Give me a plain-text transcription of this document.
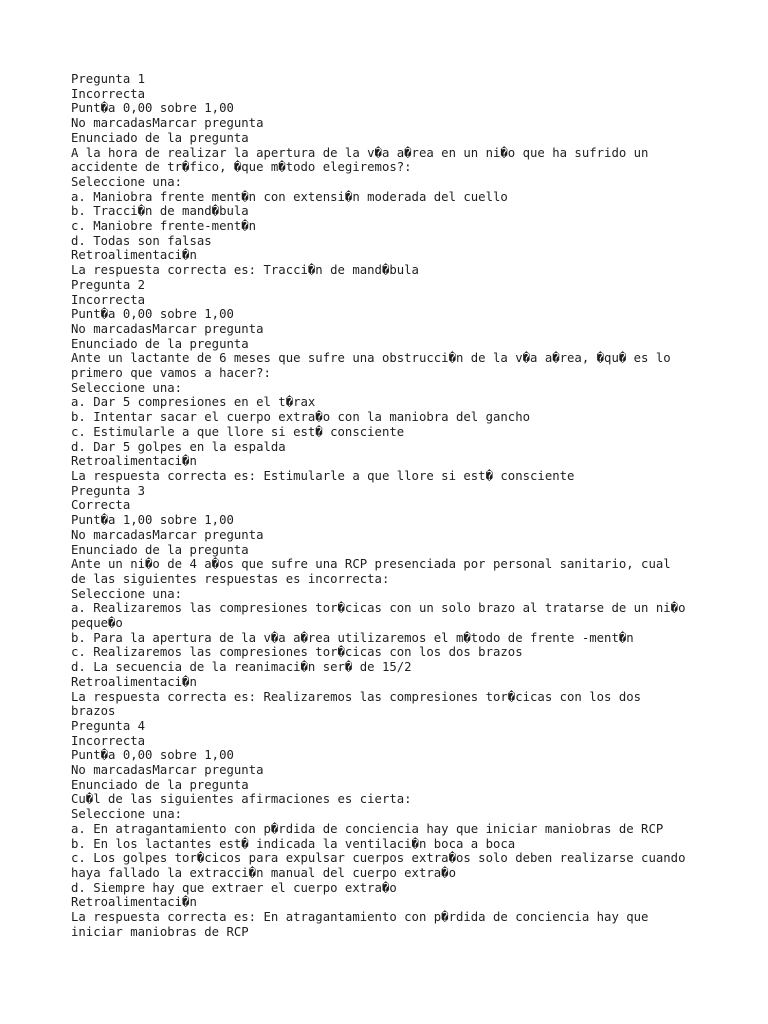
Pregunta 1
Incorrecta
Punt�a 0,00 sobre 1,00
No marcadasMarcar pregunta
Enunciado de la pregunta
A la hora de realizar la apertura de la v�a a�rea en un ni�o que ha sufrido un
accidente de tr�fico, �que m�todo elegiremos?:
Seleccione una:
a. Maniobra frente ment�n con extensi�n moderada del cuello
b. Tracci�n de mand�bula
c. Maniobre frente-ment�n
d. Todas son falsas
Retroalimentaci�n
La respuesta correcta es: Tracci�n de mand�bula
Pregunta 2
Incorrecta
Punt�a 0,00 sobre 1,00
No marcadasMarcar pregunta
Enunciado de la pregunta
Ante un lactante de 6 meses que sufre una obstrucci�n de la v�a a�rea, �qu� es lo
primero que vamos a hacer?:
Seleccione una:
a. Dar 5 compresiones en el t�rax
b. Intentar sacar el cuerpo extra�o con la maniobra del gancho
c. Estimularle a que llore si est� consciente
d. Dar 5 golpes en la espalda
Retroalimentaci�n
La respuesta correcta es: Estimularle a que llore si est� consciente
Pregunta 3
Correcta
Punt�a 1,00 sobre 1,00
No marcadasMarcar pregunta
Enunciado de la pregunta
Ante un ni�o de 4 a�os que sufre una RCP presenciada por personal sanitario, cual
de las siguientes respuestas es incorrecta:
Seleccione una:
a. Realizaremos las compresiones tor�cicas con un solo brazo al tratarse de un ni�o
peque�o
b. Para la apertura de la v�a a�rea utilizaremos el m�todo de frente -ment�n
c. Realizaremos las compresiones tor�cicas con los dos brazos
d. La secuencia de la reanimaci�n ser� de 15/2
Retroalimentaci�n
La respuesta correcta es: Realizaremos las compresiones tor�cicas con los dos
brazos
Pregunta 4
Incorrecta
Punt�a 0,00 sobre 1,00
No marcadasMarcar pregunta
Enunciado de la pregunta
Cu�l de las siguientes afirmaciones es cierta:
Seleccione una:
a. En atragantamiento con p�rdida de conciencia hay que iniciar maniobras de RCP
b. En los lactantes est� indicada la ventilaci�n boca a boca
c. Los golpes tor�cicos para expulsar cuerpos extra�os solo deben realizarse cuando
haya fallado la extracci�n manual del cuerpo extra�o
d. Siempre hay que extraer el cuerpo extra�o
Retroalimentaci�n
La respuesta correcta es: En atragantamiento con p�rdida de conciencia hay que
iniciar maniobras de RCP
